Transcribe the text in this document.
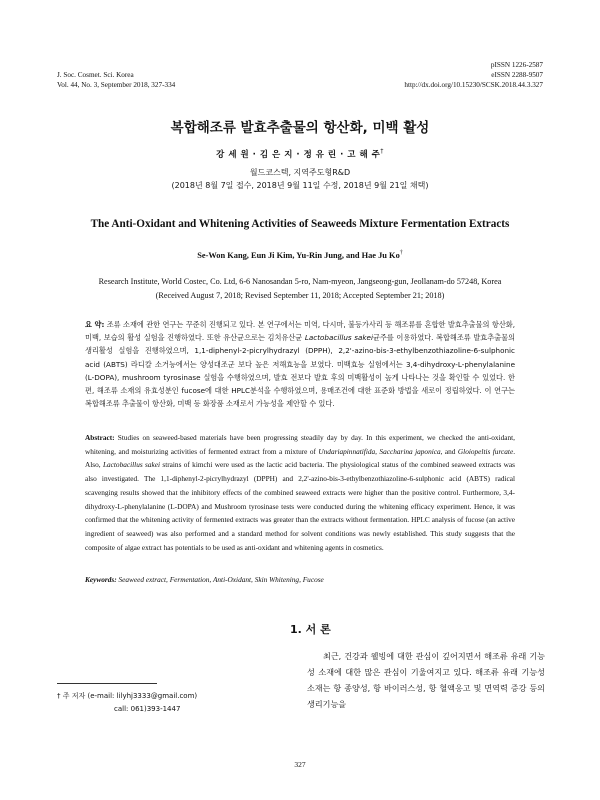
J. Soc. Cosmet. Sci. Korea
Vol. 44, No. 3, September 2018, 327-334
pISSN 1226-2587
eISSN 2288-9507
http://dx.doi.org/10.15230/SCSK.2018.44.3.327
복합해조류 발효추출물의 항산화, 미백 활성
강 세 원 · 김 은 지 · 정 유 린 · 고 해 주†
월드코스텍, 지역주도형R&D
(2018년 8월 7일 접수, 2018년 9월 11일 수정, 2018년 9월 21일 채택)
The Anti-Oxidant and Whitening Activities of Seaweeds Mixture Fermentation Extracts
Se-Won Kang, Eun Ji Kim, Yu-Rin Jung, and Hae Ju Ko†
Research Institute, World Costec, Co. Ltd, 6-6 Nanosandan 5-ro, Nam-myeon, Jangseong-gun, Jeollanam-do 57248, Korea
(Received August 7, 2018; Revised September 11, 2018; Accepted September 21; 2018)
요 약: 조류 소재에 관한 연구는 꾸준히 진행되고 있다. 본 연구에서는 미역, 다시마, 불등가사리 등 해조류를 혼합한 발효추출물의 항산화, 미백, 보습의 활성 실험을 진행하였다. 또한 유산균으로는 김치유산균 Lactobacillus sakei균주를 이용하였다. 복합해조류 발효추출물의 생리활성 실험을 진행하였으며, 1,1-diphenyl-2-picrylhydrazyl (DPPH), 2,2'-azino-bis-3-ethylbenzothiazoline-6-sulphonic acid (ABTS) 라디칼 소거능에서는 양성대조군 보다 높은 저해효능을 보였다. 미백효능 실험에서는 3,4-dihydroxy-L-phenylalanine (L-DOPA), mushroom tyrosinase 실험을 수행하였으며, 발효 전보다 발효 후의 미백활성이 높게 나타나는 것을 확인할 수 있었다. 한편, 해조류 소재의 유효성분인 fucose에 대한 HPLC분석을 수행하였으며, 용매조건에 대한 표준화 방법을 새로이 정립하였다. 이 연구는 복합해조류 추출물이 항산화, 미백 등 화장품 소재로서 가능성을 제안할 수 있다.
Abstract: Studies on seaweed-based materials have been progressing steadily day by day. In this experiment, we checked the anti-oxidant, whitening, and moisturizing activities of fermented extract from a mixture of Undariapinnatifida, Saccharina japonica, and Gloiopeltis furcate. Also, Lactobacillus sakei strains of kimchi were used as the lactic acid bacteria. The physiological status of the combined seaweed extracts was also investigated. The 1,1-diphenyl-2-picrylhydrazyl (DPPH) and 2,2'-azino-bis-3-ethylbenzothiazoline-6-sulphonic acid (ABTS) radical scavenging results showed that the inhibitory effects of the combined seaweed extracts were higher than the positive control. Furthermore, 3,4-dihydroxy-L-phenylalanine (L-DOPA) and Mushroom tyrosinase tests were conducted during the whitening efficacy experiment. Hence, it was confirmed that the whitening activity of fermented extracts was greater than the extracts without fermentation. HPLC analysis of fucose (an active ingredient of seaweed) was also performed and a standard method for solvent conditions was newly established. This study suggests that the composite of algae extract has potentials to be used as anti-oxidant and whitening agents in cosmetics.
Keywords: Seaweed extract, Fermentation, Anti-Oxidant, Skin Whitening, Fucose
1. 서 론
최근, 건강과 웰빙에 대한 관심이 깊어지면서 해조류 유래 기능성 소재에 대한 많은 관심이 기울여지고 있다. 해조류 유래 기능성 소재는 항 종양성, 항 바이러스성, 항 혈액응고 및 면역력 증강 등의 생리기능을
† 주 저자 (e-mail: lilyhj3333@gmail.com)
call: 061)393-1447
327
